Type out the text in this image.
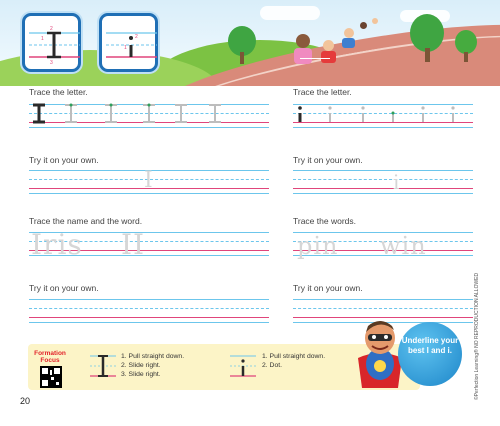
1
2
3
1
2
Trace the letter.
Try it on your own.
I
Trace the name and the word.
Iris II
Try it on your own.
Trace the letter.
Try it on your own.
i
Trace the words.
pin win
Try it on your own.
Formation Focus
1. Pull straight down.
2. Slide right.
3. Slide right.
1. Pull straight down.
2. Dot.
Underline your best I and i.
20
©Perfection Learning® NO REPRODUCTION ALLOWED
